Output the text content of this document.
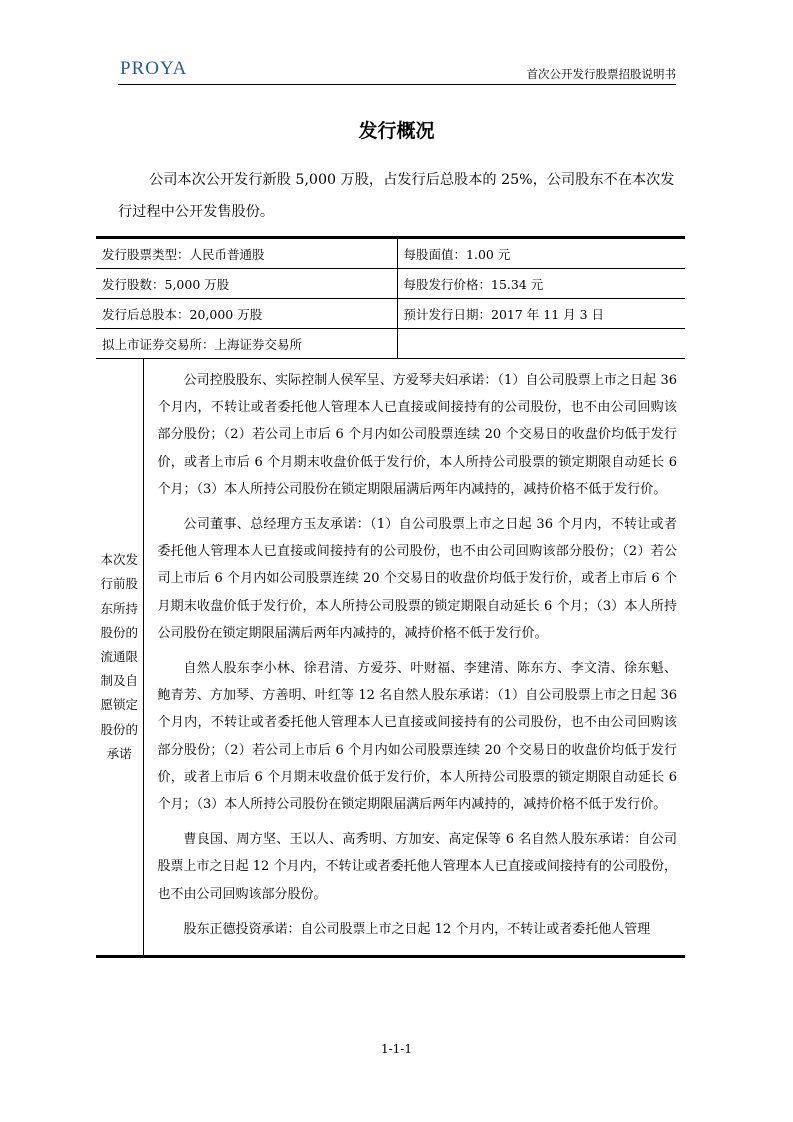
PROYA	首次公开发行股票招股说明书
发行概况

公司本次公开发行新股 5,000 万股，占发行后总股本的 25%，公司股东不在本次发行过程中公开发售股份。

发行股票类型：人民币普通股		每股面值：1.00 元
发行股数：5,000 万股		每股发行价格：15.34 元
发行后总股本：20,000 万股		预计发行日期：2017 年 11 月 3 日
拟上市证券交易所：上海证券交易所		
本次发行前股东所持股份的流通限制及自愿锁定股份的承诺	公司控股股东、实际控制人侯军呈、方爱琴夫妇承诺：（1）自公司股票上市之日起 36 个月内，不转让或者委托他人管理本人已直接或间接持有的公司股份，也不由公司回购该部分股份；（2）若公司上市后 6 个月内如公司股票连续 20 个交易日的收盘价均低于发行价，或者上市后 6 个月期末收盘价低于发行价，本人所持公司股票的锁定期限自动延长 6 个月；（3）本人所持公司股份在锁定期限届满后两年内减持的，减持价格不低于发行价。

公司董事、总经理方玉友承诺：（1）自公司股票上市之日起 36 个月内，不转让或者委托他人管理本人已直接或间接持有的公司股份，也不由公司回购该部分股份；（2）若公司上市后 6 个月内如公司股票连续 20 个交易日的收盘价均低于发行价，或者上市后 6 个月期末收盘价低于发行价，本人所持公司股票的锁定期限自动延长 6 个月；（3）本人所持公司股份在锁定期限届满后两年内减持的，减持价格不低于发行价。

自然人股东李小林、徐君清、方爱芬、叶财福、李建清、陈东方、李文清、徐东魁、鲍青芳、方加琴、方善明、叶红等 12 名自然人股东承诺：（1）自公司股票上市之日起 36 个月内，不转让或者委托他人管理本人已直接或间接持有的公司股份，也不由公司回购该部分股份；（2）若公司上市后 6 个月内如公司股票连续 20 个交易日的收盘价均低于发行价，或者上市后 6 个月期末收盘价低于发行价，本人所持公司股票的锁定期限自动延长 6 个月；（3）本人所持公司股份在锁定期限届满后两年内减持的，减持价格不低于发行价。

曹良国、周方坚、王以人、高秀明、方加安、高定保等 6 名自然人股东承诺：自公司股票上市之日起 12 个月内，不转让或者委托他人管理本人已直接或间接持有的公司股份，也不由公司回购该部分股份。

股东正德投资承诺：自公司股票上市之日起 12 个月内，不转让或者委托他人管理	

1-1-1
